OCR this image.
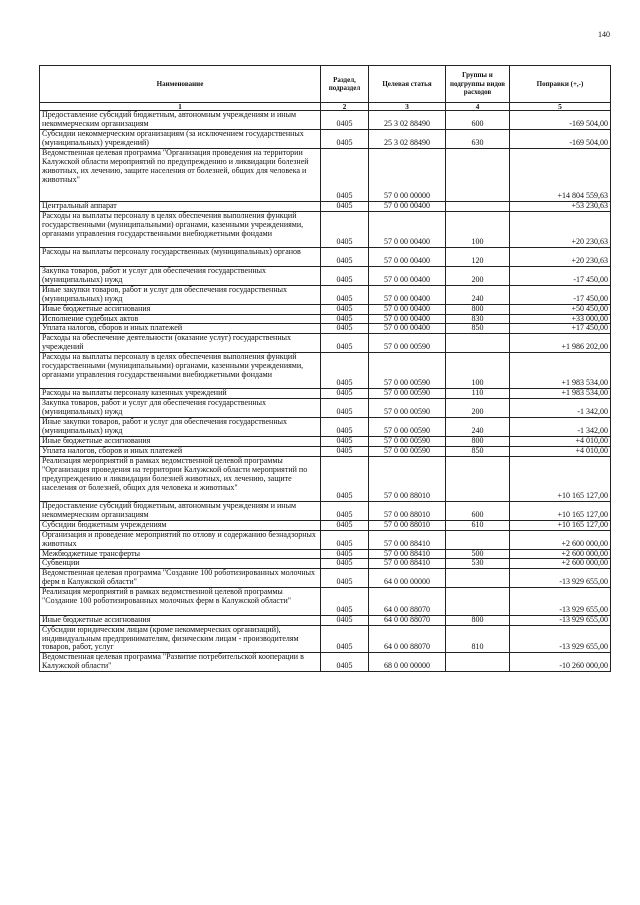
140
Наименование	Раздел, подраздел	Целевая статья	Группы и подгруппы видов расходов	Поправки (+,-)
1	2	3	4	5
Предоставление субсидий бюджетным, автономным учреждениям и иным некоммерческим организациям	0405	25 3 02 88490	600	-169 504,00
Субсидии некоммерческим организациям (за исключением государственных (муниципальных) учреждений)	0405	25 3 02 88490	630	-169 504,00
Ведомственная целевая программа "Организация проведения на территории Калужской области мероприятий по предупреждению и ликвидации болезней животных, их лечению, защите населения от болезней, общих для человека и животных"	0405	57 0 00 00000		+14 804 559,63
Центральный аппарат	0405	57 0 00 00400		+53 230,63
Расходы на выплаты персоналу в целях обеспечения выполнения функций государственными (муниципальными) органами, казенными учреждениями, органами управления государственными внебюджетными фондами	0405	57 0 00 00400	100	+20 230,63
Расходы на выплаты персоналу государственных (муниципальных) органов	0405	57 0 00 00400	120	+20 230,63
Закупка товаров, работ и услуг для обеспечения государственных (муниципальных) нужд	0405	57 0 00 00400	200	-17 450,00
Иные закупки товаров, работ и услуг для обеспечения государственных (муниципальных) нужд	0405	57 0 00 00400	240	-17 450,00
Иные бюджетные ассигнования	0405	57 0 00 00400	800	+50 450,00
Исполнение судебных актов	0405	57 0 00 00400	830	+33 000,00
Уплата налогов, сборов и иных платежей	0405	57 0 00 00400	850	+17 450,00
Расходы на обеспечение деятельности (оказание услуг) государственных учреждений	0405	57 0 00 00590		+1 986 202,00
Расходы на выплаты персоналу в целях обеспечения выполнения функций государственными (муниципальными) органами, казенными учреждениями, органами управления государственными внебюджетными фондами	0405	57 0 00 00590	100	+1 983 534,00
Расходы на выплаты персоналу казенных учреждений	0405	57 0 00 00590	110	+1 983 534,00
Закупка товаров, работ и услуг для обеспечения государственных (муниципальных) нужд	0405	57 0 00 00590	200	-1 342,00
Иные закупки товаров, работ и услуг для обеспечения государственных (муниципальных) нужд	0405	57 0 00 00590	240	-1 342,00
Иные бюджетные ассигнования	0405	57 0 00 00590	800	+4 010,00
Уплата налогов, сборов и иных платежей	0405	57 0 00 00590	850	+4 010,00
Реализация мероприятий в рамках ведомственной целевой программы "Организация проведения на территории Калужской области мероприятий по предупреждению и ликвидации болезней животных, их лечению, защите населения от болезней, общих для человека и животных"	0405	57 0 00 88010		+10 165 127,00
Предоставление субсидий бюджетным, автономным учреждениям и иным некоммерческим организациям	0405	57 0 00 88010	600	+10 165 127,00
Субсидии бюджетным учреждениям	0405	57 0 00 88010	610	+10 165 127,00
Организация и проведение мероприятий по отлову и содержанию безнадзорных животных	0405	57 0 00 88410		+2 600 000,00
Межбюджетные трансферты	0405	57 0 00 88410	500	+2 600 000,00
Субвенции	0405	57 0 00 88410	530	+2 600 000,00
Ведомственная целевая программа "Создание 100 роботизированных молочных ферм в Калужской области"	0405	64 0 00 00000		-13 929 655,00
Реализация мероприятий в рамках ведомственной целевой программы "Создание 100 роботизированных молочных ферм в Калужской области"	0405	64 0 00 88070		-13 929 655,00
Иные бюджетные ассигнования	0405	64 0 00 88070	800	-13 929 655,00
Субсидии юридическим лицам (кроме некоммерческих организаций), индивидуальным предпринимателям, физическим лицам - производителям товаров, работ, услуг	0405	64 0 00 88070	810	-13 929 655,00
Ведомственная целевая программа "Развитие потребительской кооперации в Калужской области"	0405	68 0 00 00000		-10 260 000,00
